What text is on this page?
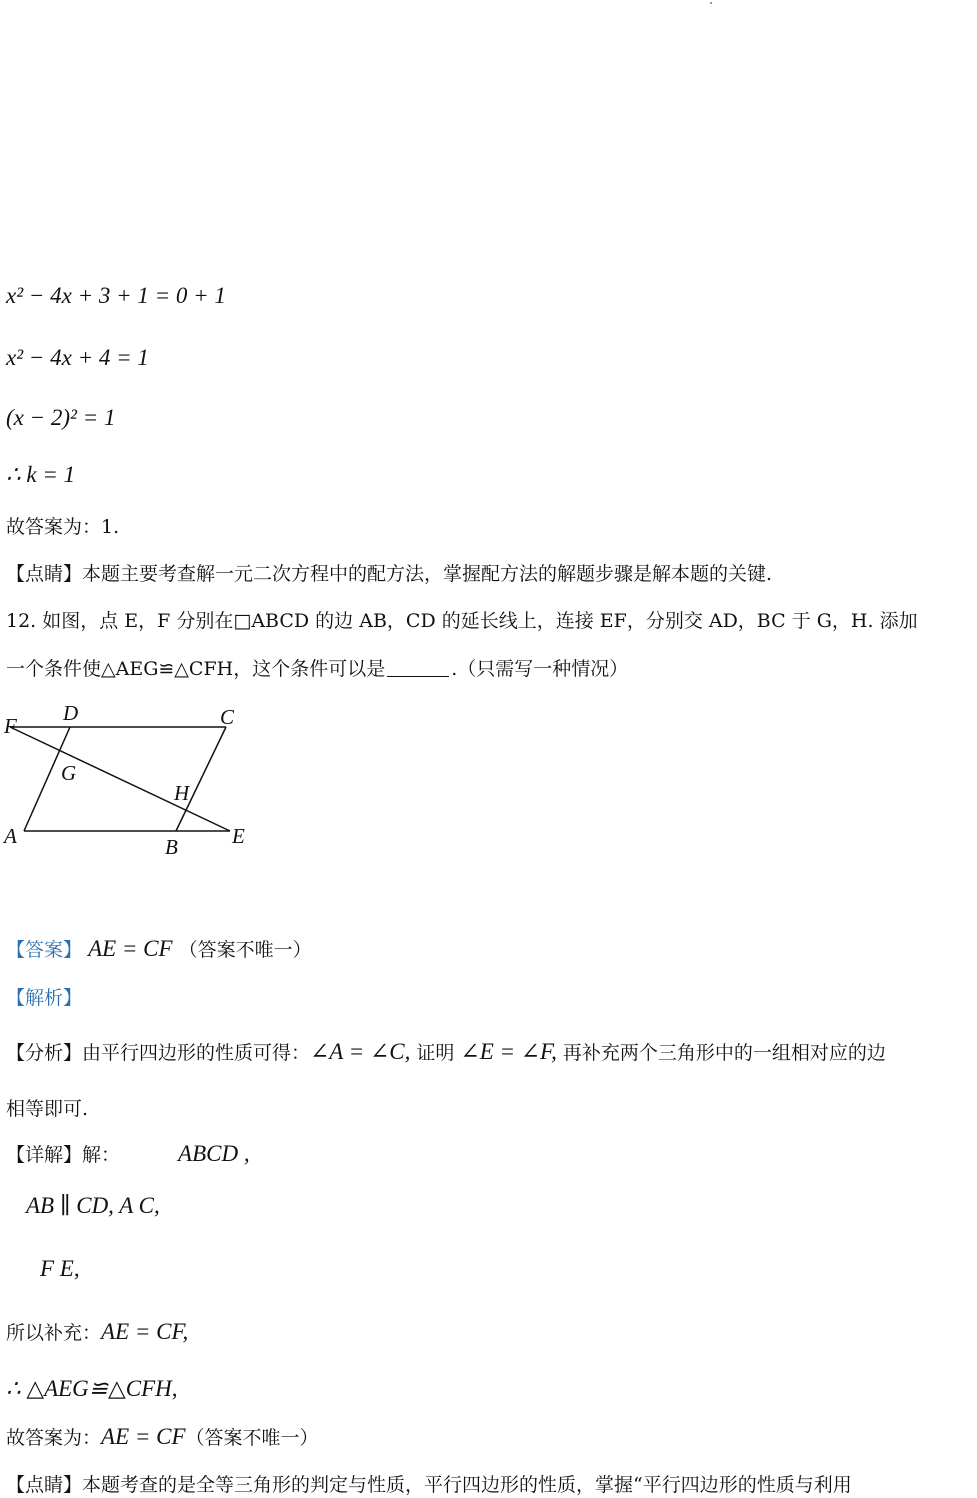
x² − 4x + 3 + 1 = 0 + 1
x² − 4x + 4 = 1
(x − 2)² = 1
∴ k = 1
故答案为：1.
【点睛】本题主要考查解一元二次方程中的配方法，掌握配方法的解题步骤是解本题的关键.
12. 如图，点 E，F 分别在□ABCD 的边 AB，CD 的延长线上，连接 EF，分别交 AD，BC 于 G，H. 添加
一个条件使△AEG≌△CFH，这个条件可以是	.（只需写一种情况）
F
D	C
G
H
A	B	E
【答案】 AE = CF （答案不唯一）
【解析】
【分析】由平行四边形的性质可得：∠A = ∠C, 证明 ∠E = ∠F, 再补充两个三角形中的一组相对应的边
相等即可.
【详解】解：	ABCD ,
AB ∥ CD, A C,
F E,
所以补充：AE = CF,
∴ △AEG≌△CFH,
故答案为：AE = CF（答案不唯一）
【点睛】本题考查的是全等三角形的判定与性质，平行四边形的性质，掌握“平行四边形的性质与利用
